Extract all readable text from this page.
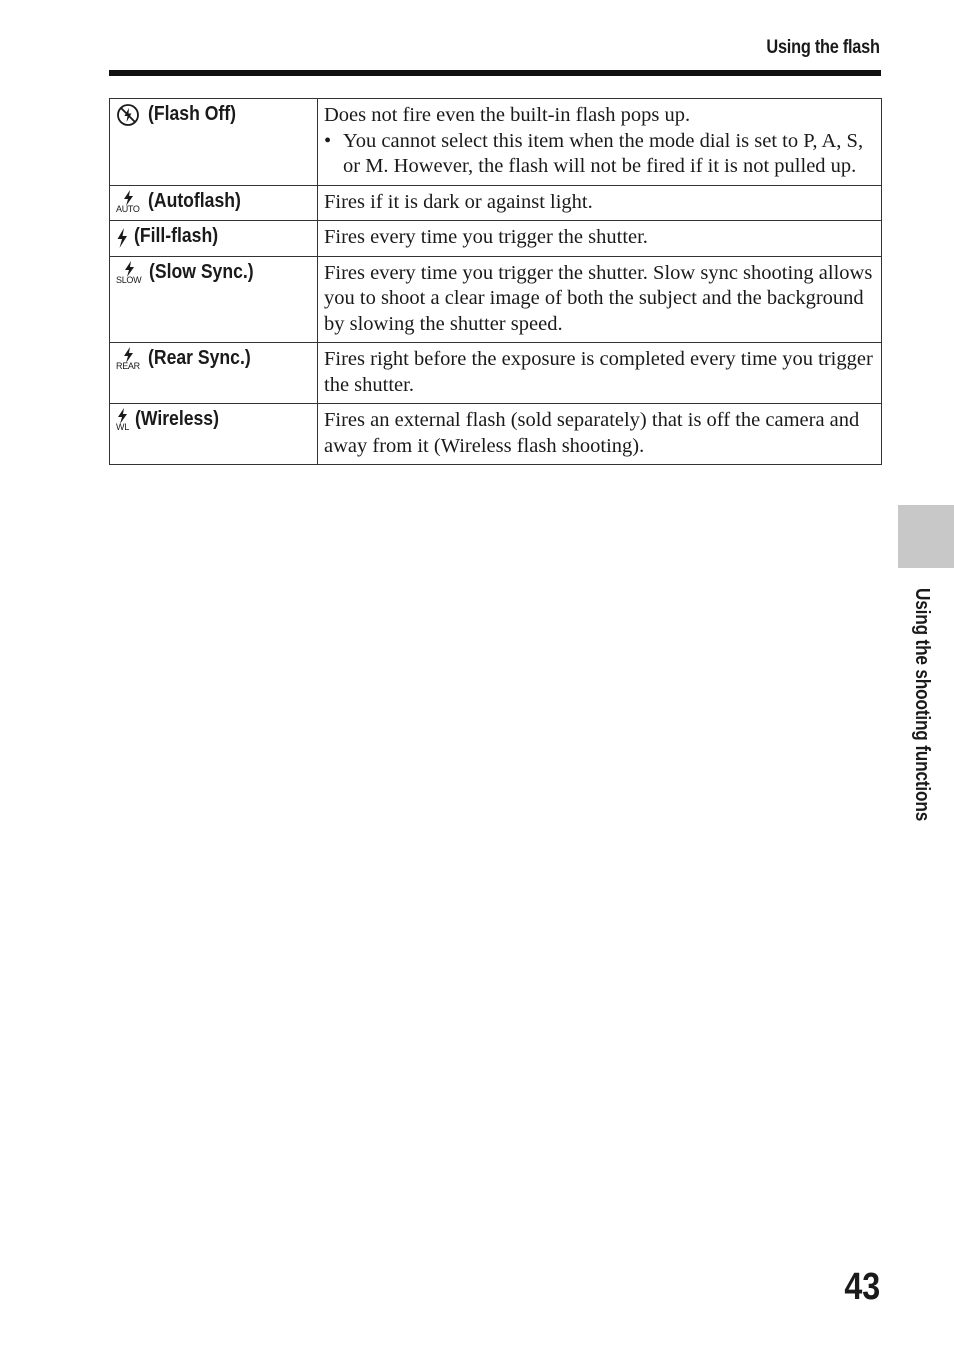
Using the flash
(Flash Off)	Does not fire even the built-in flash pops up.
• You cannot select this item when the mode dial is set to P, A, S, or M. However, the flash will not be fired if it is not pulled up.

AUTO (Autoflash)	Fires if it is dark or against light.

(Fill-flash)	Fires every time you trigger the shutter.

SLOW (Slow Sync.)	Fires every time you trigger the shutter. Slow sync shooting allows you to shoot a clear image of both the subject and the background by slowing the shutter speed.

REAR (Rear Sync.)	Fires right before the exposure is completed every time you trigger the shutter.

WL (Wireless)	Fires an external flash (sold separately) that is off the camera and away from it (Wireless flash shooting).
Using the shooting functions
43
